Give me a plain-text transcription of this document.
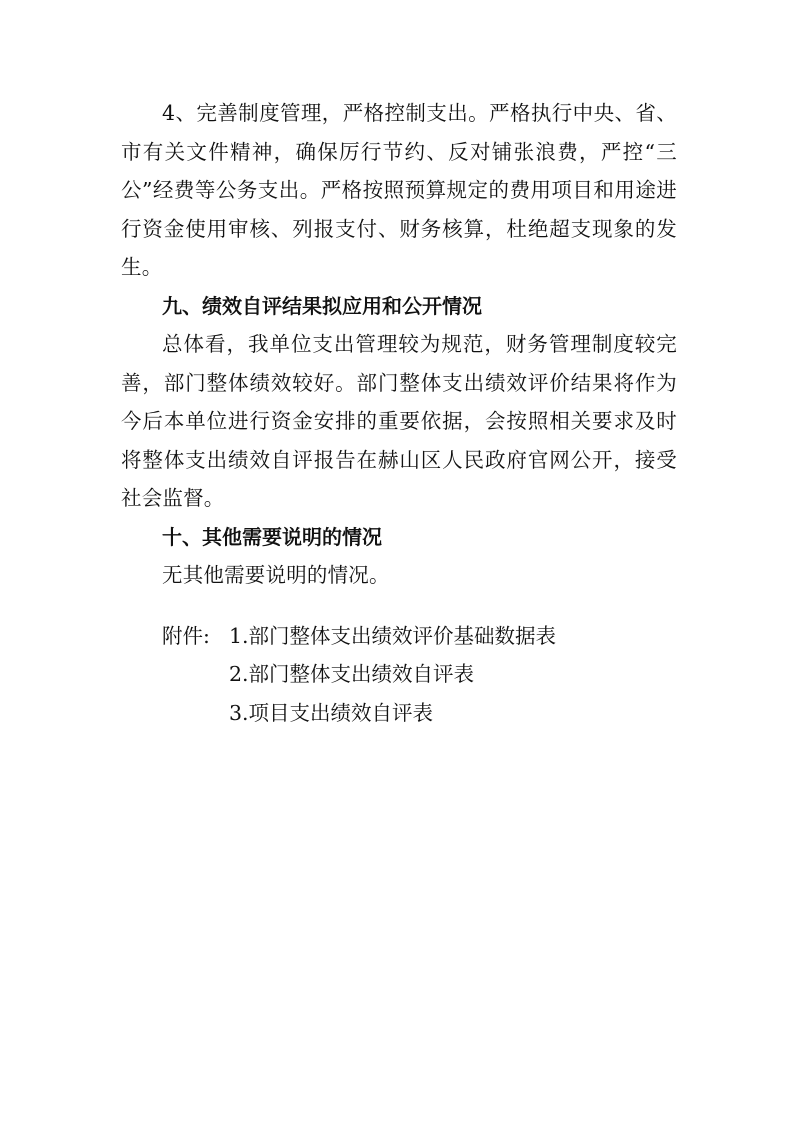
4、完善制度管理，严格控制支出。严格执行中央、省、市有关文件精神，确保厉行节约、反对铺张浪费，严控“三公”经费等公务支出。严格按照预算规定的费用项目和用途进行资金使用审核、列报支付、财务核算，杜绝超支现象的发生。

九、绩效自评结果拟应用和公开情况

总体看，我单位支出管理较为规范，财务管理制度较完善，部门整体绩效较好。部门整体支出绩效评价结果将作为今后本单位进行资金安排的重要依据，会按照相关要求及时将整体支出绩效自评报告在赫山区人民政府官网公开，接受社会监督。

十、其他需要说明的情况

无其他需要说明的情况。

附件: 1.部门整体支出绩效评价基础数据表
2.部门整体支出绩效自评表
3.项目支出绩效自评表
